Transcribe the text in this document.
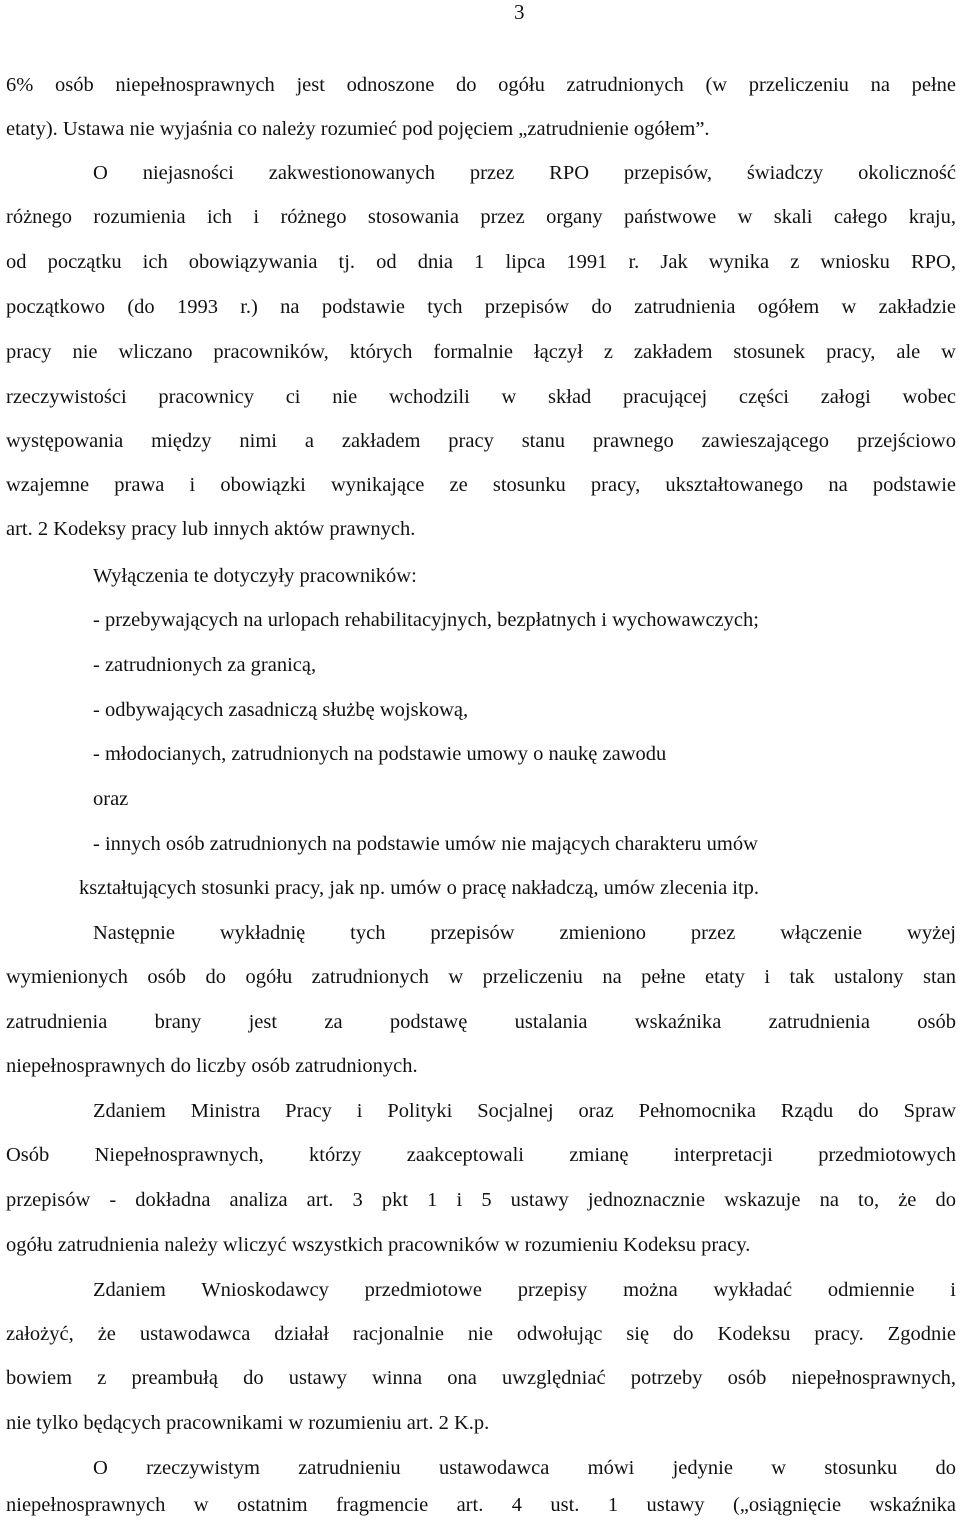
3
6% osób niepełnosprawnych jest odnoszone do ogółu zatrudnionych (w przeliczeniu na pełne
etaty). Ustawa nie wyjaśnia co należy rozumieć pod pojęciem „zatrudnienie ogółem”.
O niejasności zakwestionowanych przez RPO przepisów, świadczy okoliczność
różnego rozumienia ich i różnego stosowania przez organy państwowe w skali całego kraju,
od początku ich obowiązywania tj. od dnia 1 lipca 1991 r. Jak wynika z wniosku RPO,
początkowo (do 1993 r.) na podstawie tych przepisów do zatrudnienia ogółem w zakładzie
pracy nie wliczano pracowników, których formalnie łączył z zakładem stosunek pracy, ale w
rzeczywistości pracownicy ci nie wchodzili w skład pracującej części załogi wobec
występowania między nimi a zakładem pracy stanu prawnego zawieszającego przejściowo
wzajemne prawa i obowiązki wynikające ze stosunku pracy, ukształtowanego na podstawie
art. 2 Kodeksy pracy lub innych aktów prawnych.
Wyłączenia te dotyczyły pracowników:
- przebywających na urlopach rehabilitacyjnych, bezpłatnych i wychowawczych;
- zatrudnionych za granicą,
- odbywających zasadniczą służbę wojskową,
- młodocianych, zatrudnionych na podstawie umowy o naukę zawodu
oraz
- innych osób zatrudnionych na podstawie umów nie mających charakteru umów
kształtujących stosunki pracy, jak np. umów o pracę nakładczą, umów zlecenia itp.
Następnie wykładnię tych przepisów zmieniono przez włączenie wyżej
wymienionych osób do ogółu zatrudnionych w przeliczeniu na pełne etaty i tak ustalony stan
zatrudnienia brany jest za podstawę ustalania wskaźnika zatrudnienia osób
niepełnosprawnych do liczby osób zatrudnionych.
Zdaniem Ministra Pracy i Polityki Socjalnej oraz Pełnomocnika Rządu do Spraw
Osób Niepełnosprawnych, którzy zaakceptowali zmianę interpretacji przedmiotowych
przepisów - dokładna analiza art. 3 pkt 1 i 5 ustawy jednoznacznie wskazuje na to, że do
ogółu zatrudnienia należy wliczyć wszystkich pracowników w rozumieniu Kodeksu pracy.
Zdaniem Wnioskodawcy przedmiotowe przepisy można wykładać odmiennie i
założyć, że ustawodawca działał racjonalnie nie odwołując się do Kodeksu pracy. Zgodnie
bowiem z preambułą do ustawy winna ona uwzględniać potrzeby osób niepełnosprawnych,
nie tylko będących pracownikami w rozumieniu art. 2 K.p.
O rzeczywistym zatrudnieniu ustawodawca mówi jedynie w stosunku do
niepełnosprawnych w ostatnim fragmencie art. 4 ust. 1 ustawy („osiągnięcie wskaźnika
